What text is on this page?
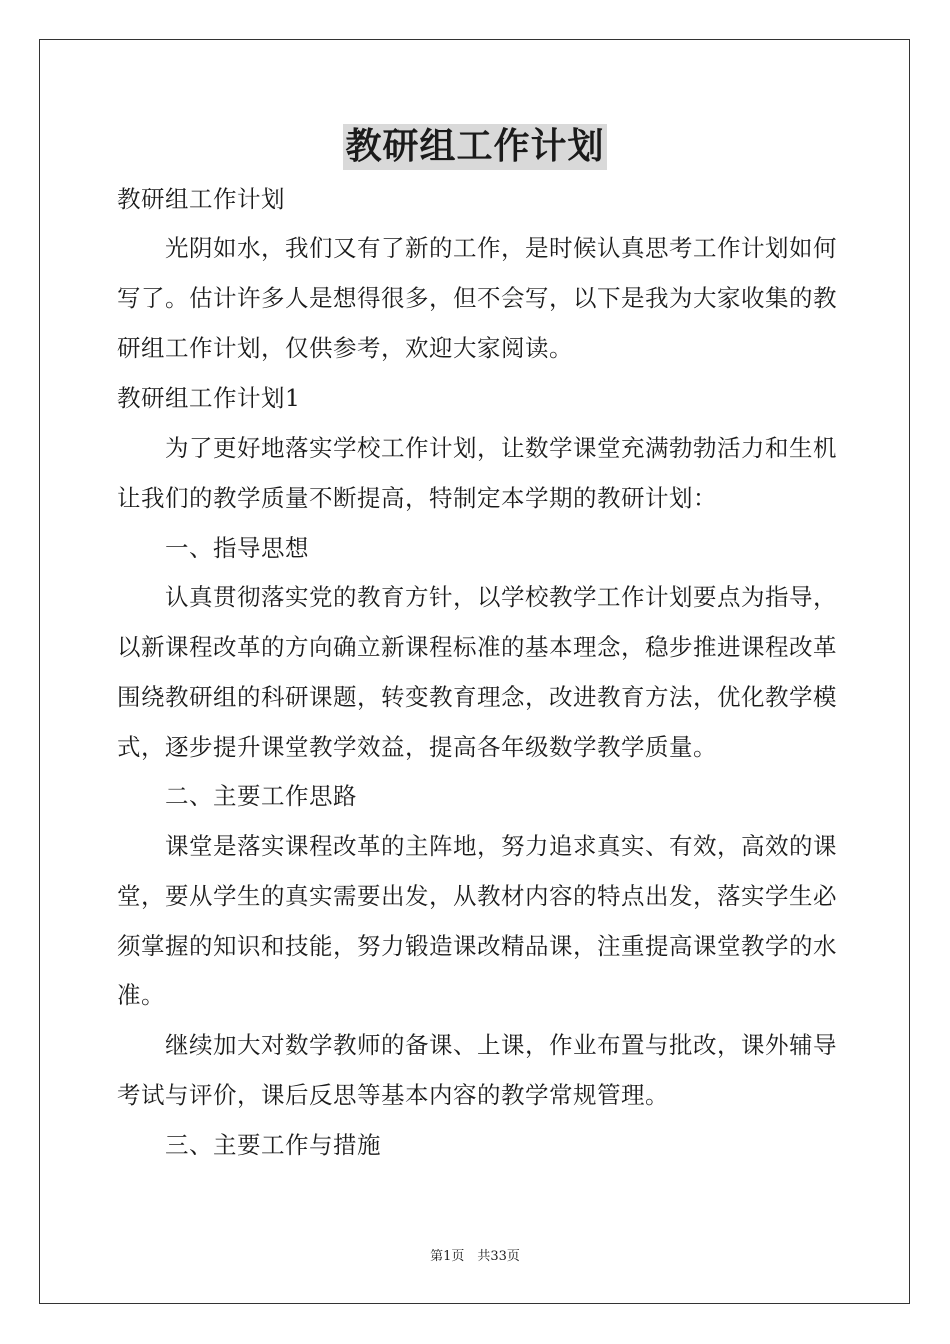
教研组工作计划
教研组工作计划
　　光阴如水，我们又有了新的工作，是时候认真思考工作计划如何
写了。估计许多人是想得很多，但不会写，以下是我为大家收集的教
研组工作计划，仅供参考，欢迎大家阅读。
教研组工作计划1
　　为了更好地落实学校工作计划，让数学课堂充满勃勃活力和生机
让我们的教学质量不断提高，特制定本学期的教研计划：
　　一、指导思想
　　认真贯彻落实党的教育方针，以学校教学工作计划要点为指导，
以新课程改革的方向确立新课程标准的基本理念，稳步推进课程改革
围绕教研组的科研课题，转变教育理念，改进教育方法，优化教学模
式，逐步提升课堂教学效益，提高各年级数学教学质量。
　　二、主要工作思路
　　课堂是落实课程改革的主阵地，努力追求真实、有效，高效的课
堂，要从学生的真实需要出发，从教材内容的特点出发，落实学生必
须掌握的知识和技能，努力锻造课改精品课，注重提高课堂教学的水
准。
　　继续加大对数学教师的备课、上课，作业布置与批改，课外辅导
考试与评价，课后反思等基本内容的教学常规管理。
　　三、主要工作与措施
第1页　共33页
